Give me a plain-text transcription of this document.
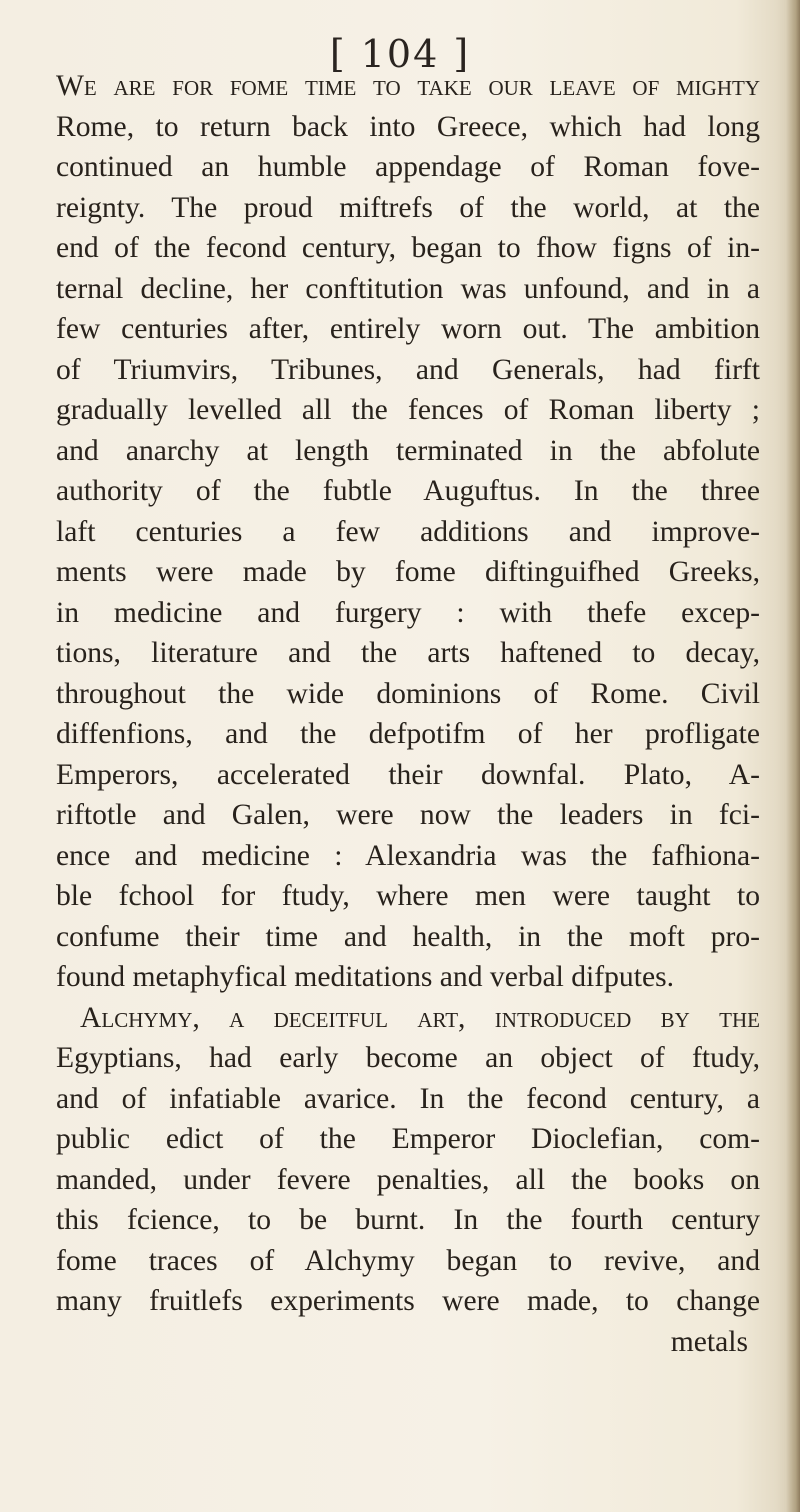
[ 104 ]
We are for fome time to take our leave of mighty
Rome, to return back into Greece, which had long
continued an humble appendage of Roman fove-
reignty. The proud miftrefs of the world, at the
end of the fecond century, began to fhow figns of in-
ternal decline, her conftitution was unfound, and in a
few centuries after, entirely worn out. The ambition
of Triumvirs, Tribunes, and Generals, had firft
gradually levelled all the fences of Roman liberty ;
and anarchy at length terminated in the abfolute
authority of the fubtle Auguftus. In the three
laft centuries a few additions and improve-
ments were made by fome diftinguifhed Greeks,
in medicine and furgery : with thefe excep-
tions, literature and the arts haftened to decay,
throughout the wide dominions of Rome. Civil
diffenfions, and the defpotifm of her profligate
Emperors, accelerated their downfal. Plato, A-
riftotle and Galen, were now the leaders in fci-
ence and medicine : Alexandria was the fafhiona-
ble fchool for ftudy, where men were taught to
confume their time and health, in the moft pro-
found metaphyfical meditations and verbal difputes.
Alchymy, a deceitful art, introduced by the
Egyptians, had early become an object of ftudy,
and of infatiable avarice. In the fecond century, a
public edict of the Emperor Dioclefian, com-
manded, under fevere penalties, all the books on
this fcience, to be burnt. In the fourth century
fome traces of Alchymy began to revive, and
many fruitlefs experiments were made, to change
metals
